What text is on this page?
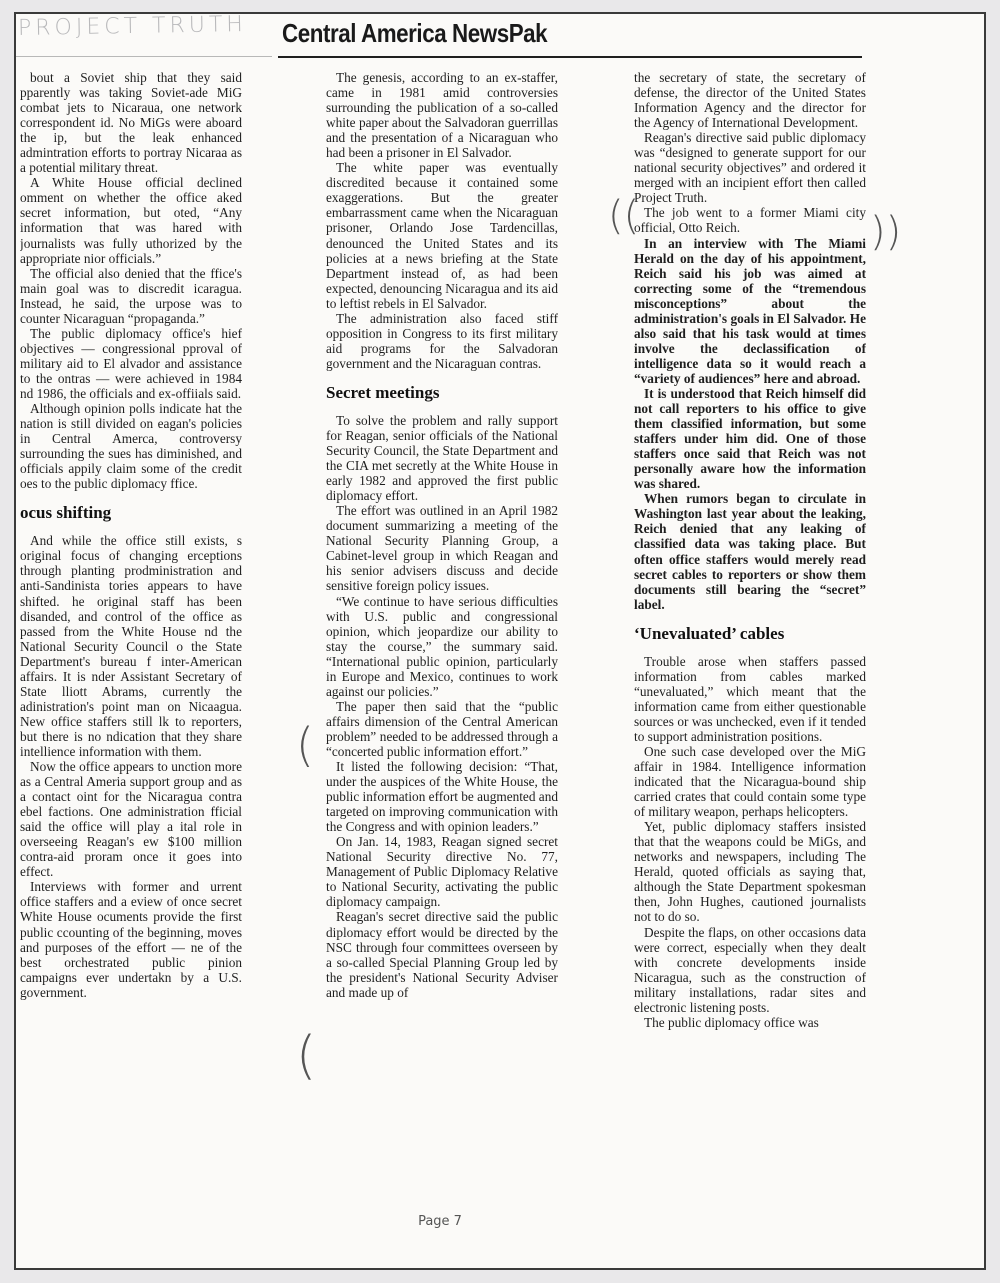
PROJECT TRUTH Central America NewsPak

bout a Soviet ship that they said pparently was taking Soviet-ade MiG combat jets to Nicaraua, one network correspondent id. No MiGs were aboard the ip, but the leak enhanced admintration efforts to portray Nicaraa as a potential military threat.

A White House official declined omment on whether the office aked secret information, but oted, “Any information that was hared with journalists was fully uthorized by the appropriate nior officials.”

The official also denied that the ffice's main goal was to discredit icaragua. Instead, he said, the urpose was to counter Nicaraguan “propaganda.”

The public diplomacy office's hief objectives — congressional pproval of military aid to El alvador and assistance to the ontras — were achieved in 1984 nd 1986, the officials and ex-offiials said.

Although opinion polls indicate hat the nation is still divided on eagan's policies in Central Amerca, controversy surrounding the sues has diminished, and officials appily claim some of the credit oes to the public diplomacy ffice.

ocus shifting

And while the office still exists, s original focus of changing erceptions through planting prodministration and anti-Sandinista tories appears to have shifted. he original staff has been disanded, and control of the office as passed from the White House nd the National Security Council o the State Department's bureau f inter-American affairs. It is nder Assistant Secretary of State lliott Abrams, currently the adinistration's point man on Nicaagua. New office staffers still lk to reporters, but there is no ndication that they share intellience information with them.

Now the office appears to unction more as a Central Ameria support group and as a contact oint for the Nicaragua contra ebel factions. One administration fficial said the office will play a ital role in overseeing Reagan's ew $100 million contra-aid proram once it goes into effect.

Interviews with former and urrent office staffers and a eview of once secret White House ocuments provide the first public ccounting of the beginning, moves and purposes of the effort — ne of the best orchestrated public pinion campaigns ever undertakn by a U.S. government.

The genesis, according to an ex-staffer, came in 1981 amid controversies surrounding the publication of a so-called white paper about the Salvadoran guerrillas and the presentation of a Nicaraguan who had been a prisoner in El Salvador.

The white paper was eventually discredited because it contained some exaggerations. But the greater embarrassment came when the Nicaraguan prisoner, Orlando Jose Tardencillas, denounced the United States and its policies at a news briefing at the State Department instead of, as had been expected, denouncing Nicaragua and its aid to leftist rebels in El Salvador.

The administration also faced stiff opposition in Congress to its first military aid programs for the Salvadoran government and the Nicaraguan contras.

Secret meetings

To solve the problem and rally support for Reagan, senior officials of the National Security Council, the State Department and the CIA met secretly at the White House in early 1982 and approved the first public diplomacy effort.

The effort was outlined in an April 1982 document summarizing a meeting of the National Security Planning Group, a Cabinet-level group in which Reagan and his senior advisers discuss and decide sensitive foreign policy issues.

“We continue to have serious difficulties with U.S. public and congressional opinion, which jeopardize our ability to stay the course,” the summary said. “International public opinion, particularly in Europe and Mexico, continues to work against our policies.”

The paper then said that the “public affairs dimension of the Central American problem” needed to be addressed through a “concerted public information effort.”

It listed the following decision: “That, under the auspices of the White House, the public information effort be augmented and targeted on improving communication with the Congress and with opinion leaders.”

On Jan. 14, 1983, Reagan signed secret National Security directive No. 77, Management of Public Diplomacy Relative to National Security, activating the public diplomacy campaign.

Reagan's secret directive said the public diplomacy effort would be directed by the NSC through four committees overseen by a so-called Special Planning Group led by the president's National Security Adviser and made up of

the secretary of state, the secretary of defense, the director of the United States Information Agency and the director for the Agency of International Development.

Reagan's directive said public diplomacy was “designed to generate support for our national security objectives” and ordered it merged with an incipient effort then called Project Truth.

The job went to a former Miami city official, Otto Reich.

In an interview with The Miami Herald on the day of his appointment, Reich said his job was aimed at correcting some of the “tremendous misconceptions” about the administration's goals in El Salvador. He also said that his task would at times involve the declassification of intelligence data so it would reach a “variety of audiences” here and abroad.

It is understood that Reich himself did not call reporters to his office to give them classified information, but some staffers under him did. One of those staffers once said that Reich was not personally aware how the information was shared.

When rumors began to circulate in Washington last year about the leaking, Reich denied that any leaking of classified data was taking place. But often office staffers would merely read secret cables to reporters or show them documents still bearing the “secret” label.

‘Unevaluated’ cables

Trouble arose when staffers passed information from cables marked “unevaluated,” which meant that the information came from either questionable sources or was unchecked, even if it tended to support administration positions.

One such case developed over the MiG affair in 1984. Intelligence information indicated that the Nicaragua-bound ship carried crates that could contain some type of military weapon, perhaps helicopters.

Yet, public diplomacy staffers insisted that that the weapons could be MiGs, and networks and newspapers, including The Herald, quoted officials as saying that, although the State Department spokesman then, John Hughes, cautioned journalists not to do so.

Despite the flaps, on other occasions data were correct, especially when they dealt with concrete developments inside Nicaragua, such as the construction of military installations, radar sites and electronic listening posts.

The public diplomacy office was

((	))
(
(
Page 7
